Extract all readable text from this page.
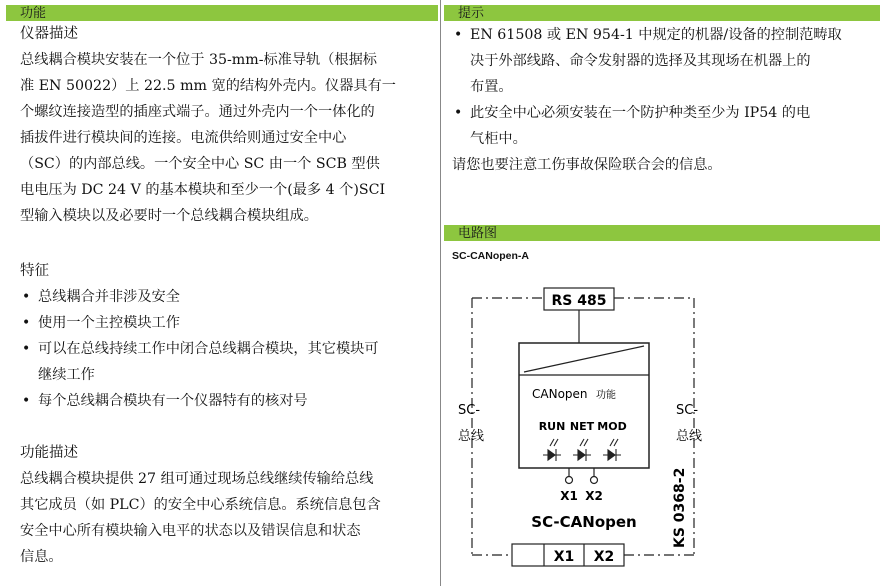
功能
仪器描述
总线耦合模块安装在一个位于 35-mm-标准导轨（根据标
准 EN 50022）上 22.5 mm 宽的结构外壳内。仪器具有一
个螺纹连接造型的插座式端子。通过外壳内一个一体化的
插拔件进行模块间的连接。电流供给则通过安全中心
（SC）的内部总线。一个安全中心 SC 由一个 SCB 型供
电电压为 DC 24 V 的基本模块和至少一个(最多 4 个)SCI
型输入模块以及必要时一个总线耦合模块组成。
特征
• 总线耦合并非涉及安全
• 使用一个主控模块工作
• 可以在总线持续工作中闭合总线耦合模块，其它模块可
继续工作
• 每个总线耦合模块有一个仪器特有的核对号
功能描述
总线耦合模块提供 27 组可通过现场总线继续传输给总线
其它成员（如 PLC）的安全中心系统信息。系统信息包含
安全中心所有模块输入电平的状态以及错误信息和状态
信息。
提示
• EN 61508 或 EN 954-1 中规定的机器/设备的控制范畴取
决于外部线路、命令发射器的选择及其现场在机器上的
布置。
• 此安全中心必须安装在一个防护种类至少为 IP54 的电
气柜中。
请您也要注意工伤事故保险联合会的信息。
电路图
SC-CANopen-A
RS 485
CANopen 功能
RUN NET MOD
X1 X2
SC-CANopen
SC-
总线
SC-
总线
KS 0368-2
X1 X2
